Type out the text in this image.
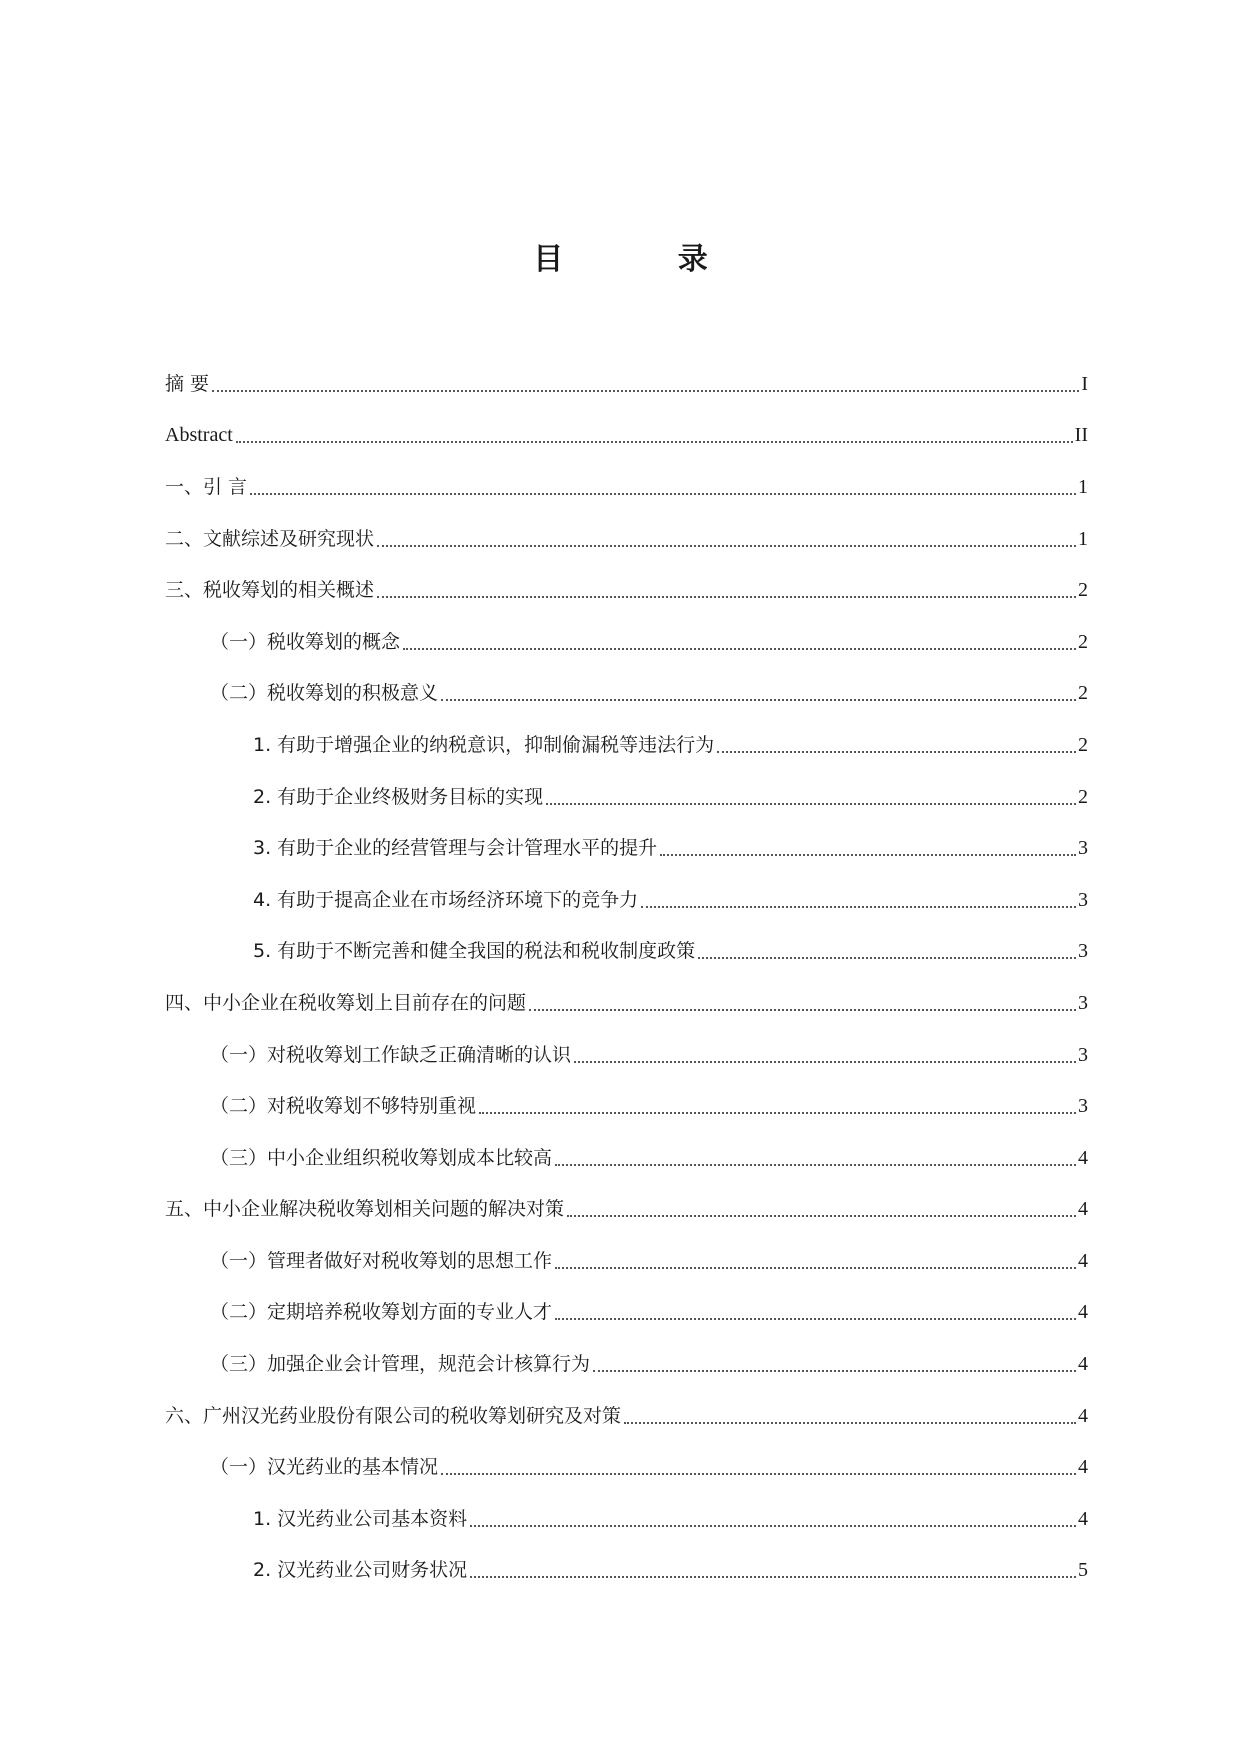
目 录
摘 要	I
Abstract	II
一、引 言	1
二、文献综述及研究现状	1
三、税收筹划的相关概述	2
（一）税收筹划的概念	2
（二）税收筹划的积极意义	2
1. 有助于增强企业的纳税意识，抑制偷漏税等违法行为	2
2. 有助于企业终极财务目标的实现	2
3. 有助于企业的经营管理与会计管理水平的提升	3
4. 有助于提高企业在市场经济环境下的竞争力	3
5. 有助于不断完善和健全我国的税法和税收制度政策	3
四、中小企业在税收筹划上目前存在的问题	3
（一）对税收筹划工作缺乏正确清晰的认识	3
（二）对税收筹划不够特别重视	3
（三）中小企业组织税收筹划成本比较高	4
五、中小企业解决税收筹划相关问题的解决对策	4
（一）管理者做好对税收筹划的思想工作	4
（二）定期培养税收筹划方面的专业人才	4
（三）加强企业会计管理，规范会计核算行为	4
六、广州汉光药业股份有限公司的税收筹划研究及对策	4
（一）汉光药业的基本情况	4
1. 汉光药业公司基本资料	4
2. 汉光药业公司财务状况	5
